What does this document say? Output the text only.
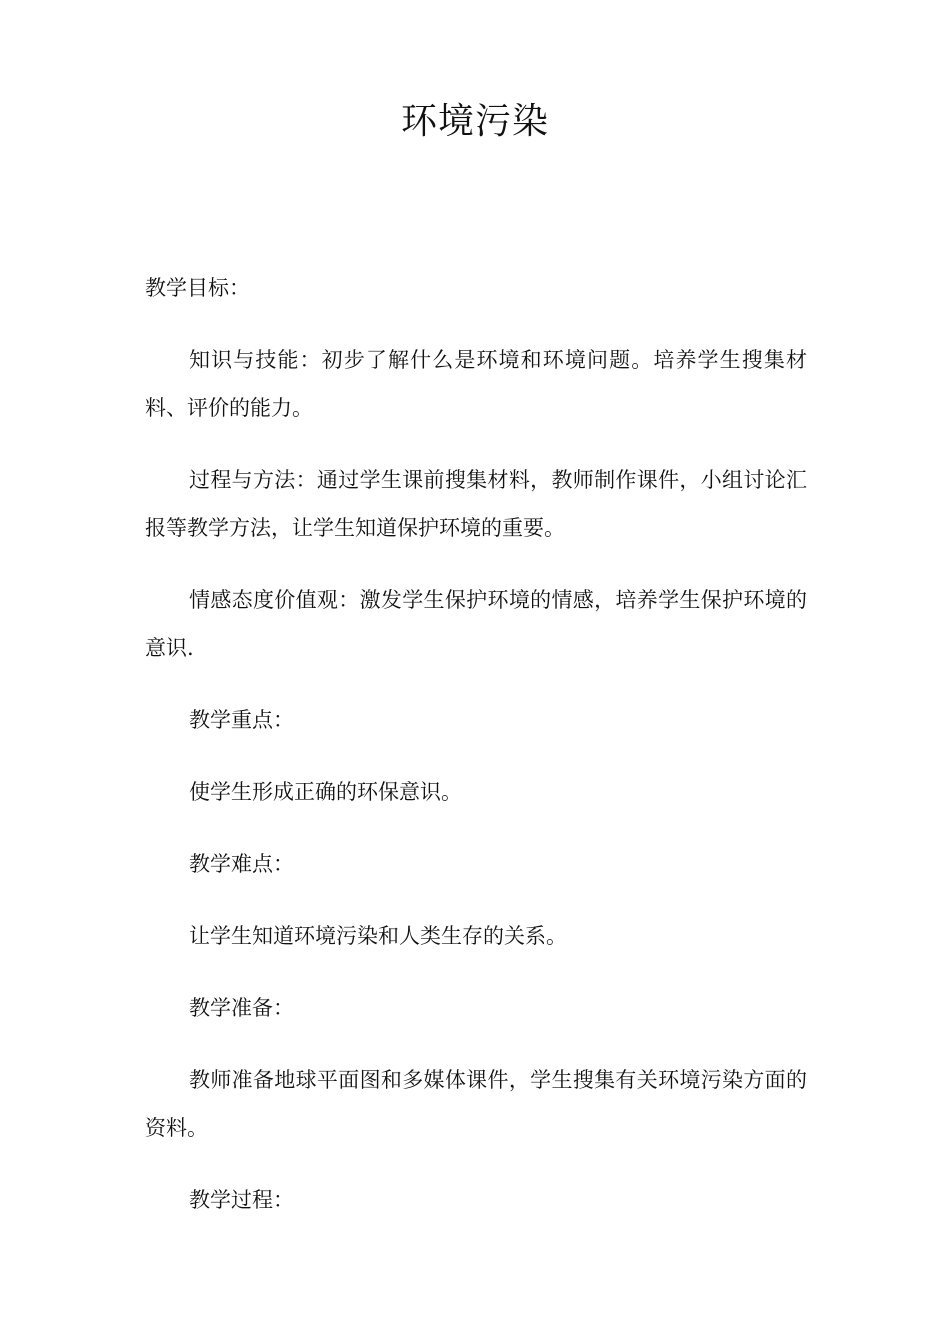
环境污染

教学目标：

知识与技能：初步了解什么是环境和环境问题。培养学生搜集材料、评价的能力。

过程与方法：通过学生课前搜集材料，教师制作课件，小组讨论汇报等教学方法，让学生知道保护环境的重要。

情感态度价值观：激发学生保护环境的情感，培养学生保护环境的意识.

教学重点：

使学生形成正确的环保意识。

教学难点：

让学生知道环境污染和人类生存的关系。

教学准备：

教师准备地球平面图和多媒体课件，学生搜集有关环境污染方面的资料。

教学过程：
